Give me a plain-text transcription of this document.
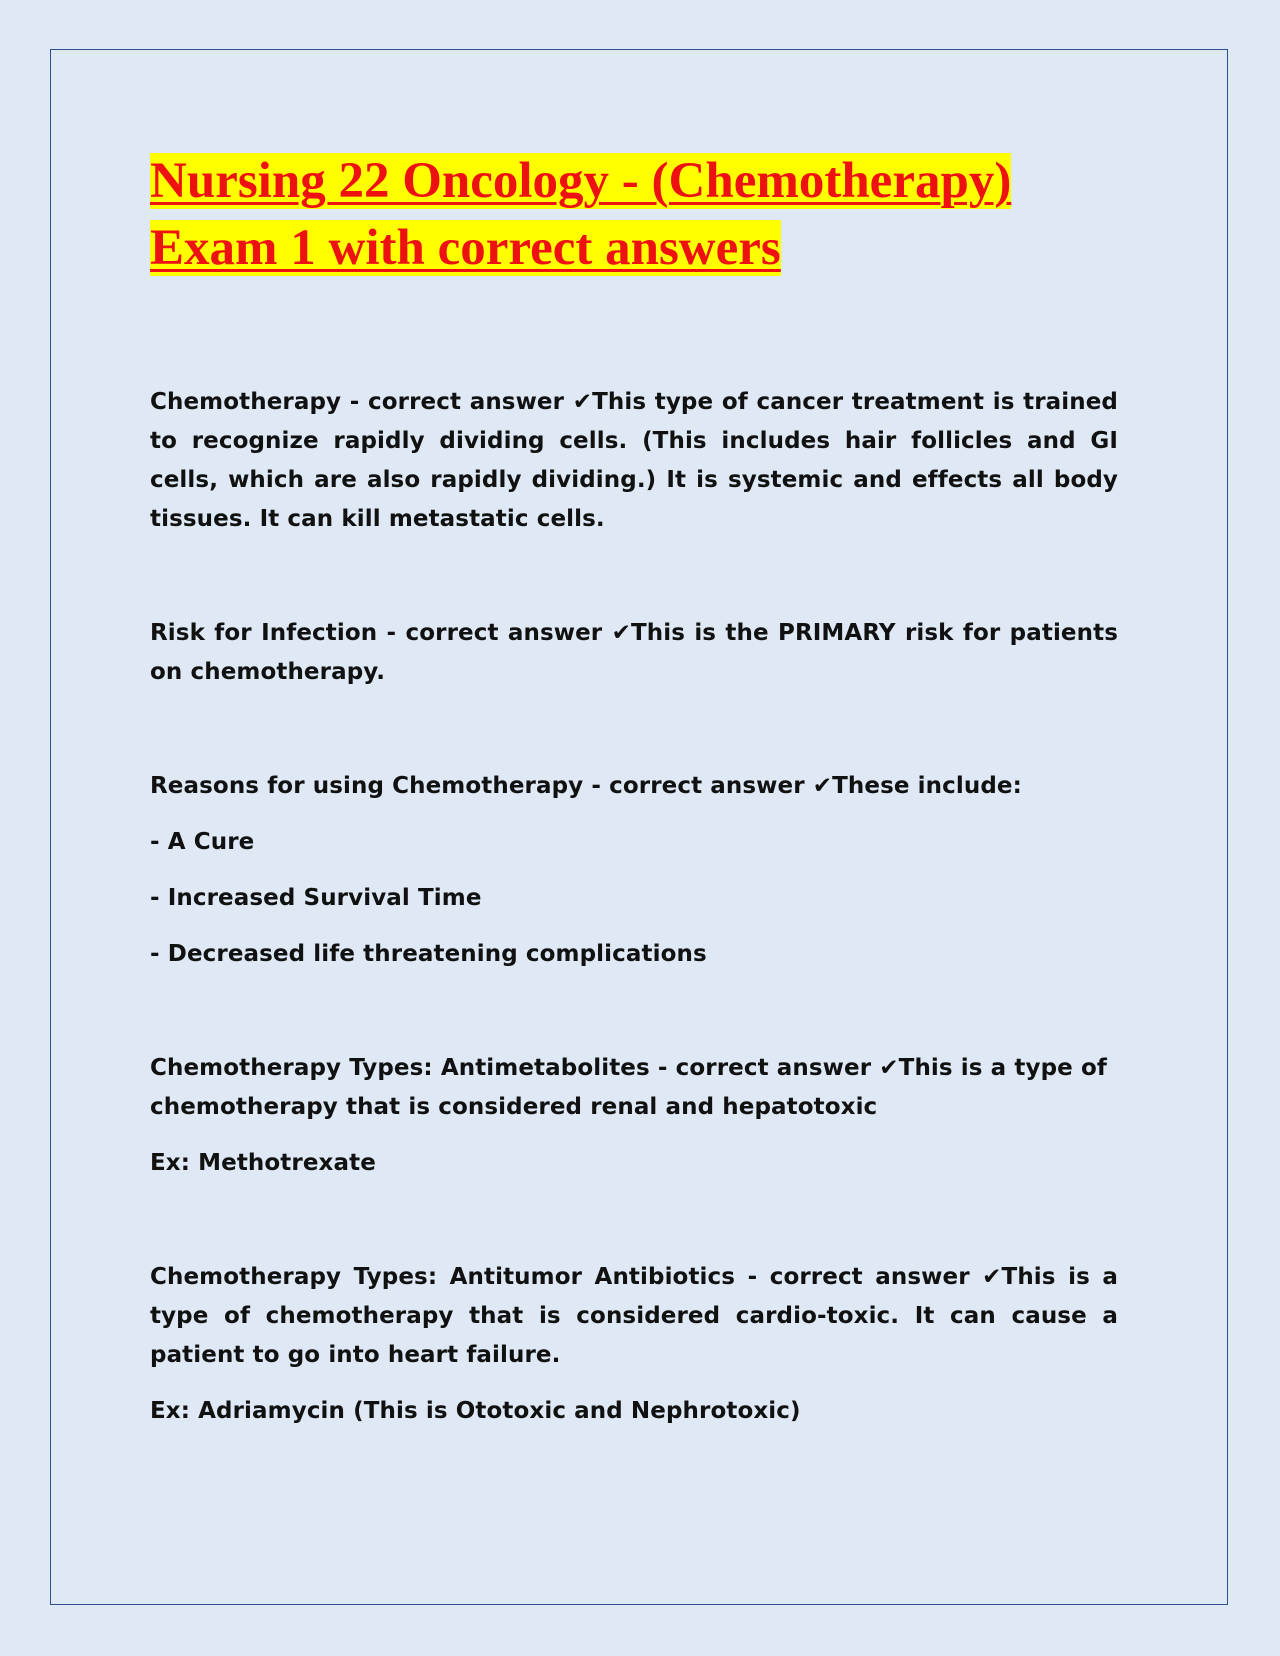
Nursing 22 Oncology - (Chemotherapy)
Exam 1 with correct answers

Chemotherapy - correct answer ✔This type of cancer treatment is trained to recognize rapidly dividing cells. (This includes hair follicles and GI cells, which are also rapidly dividing.) It is systemic and effects all body tissues. It can kill metastatic cells.

Risk for Infection - correct answer ✔This is the PRIMARY risk for patients on chemotherapy.

Reasons for using Chemotherapy - correct answer ✔These include:

- A Cure

- Increased Survival Time

- Decreased life threatening complications

Chemotherapy Types: Antimetabolites - correct answer ✔This is a type of chemotherapy that is considered renal and hepatotoxic

Ex: Methotrexate

Chemotherapy Types: Antitumor Antibiotics - correct answer ✔This is a type of chemotherapy that is considered cardio-toxic. It can cause a patient to go into heart failure.

Ex: Adriamycin (This is Ototoxic and Nephrotoxic)
